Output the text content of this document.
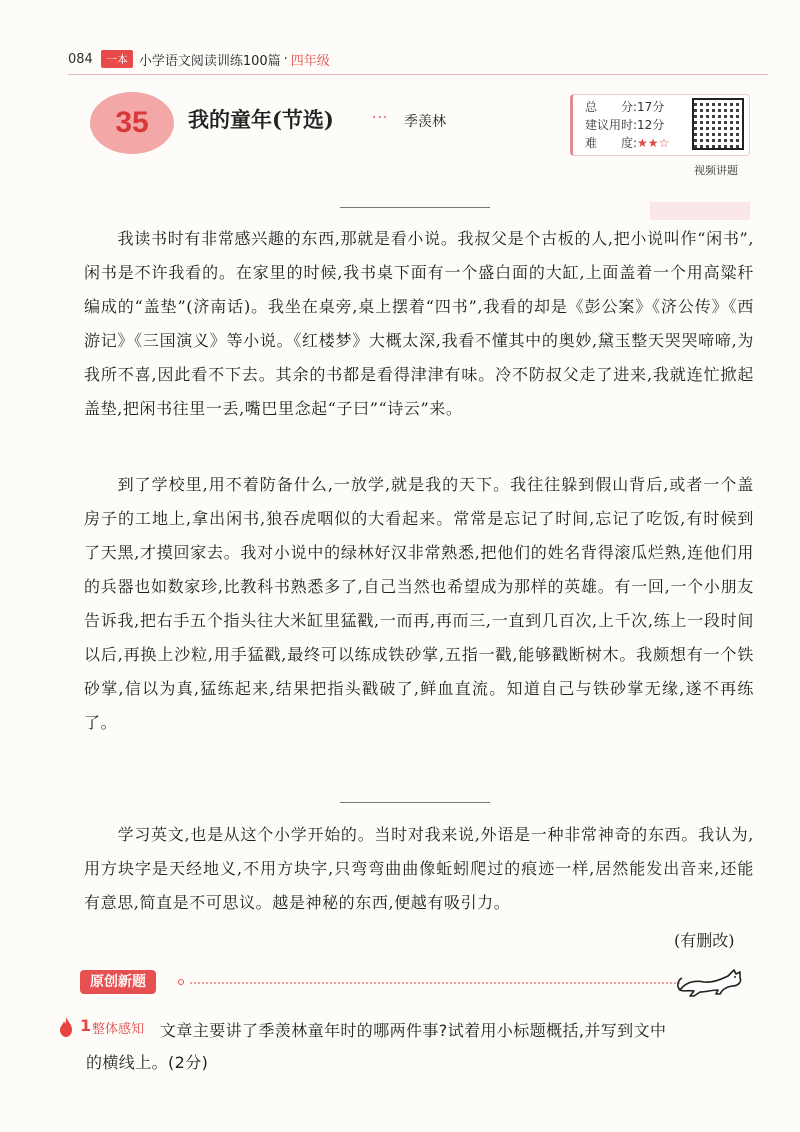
084	一本 小学语文阅读训练100篇 · 四年级
35 我的童年(节选)	··· 季羡林
总　　分:17分
建议用时:12分
难　　度:★★☆
视频讲题

我读书时有非常感兴趣的东西,那就是看小说。我叔父是个古板的人,把小说叫作“闲书”,闲书是不许我看的。在家里的时候,我书桌下面有一个盛白面的大缸,上面盖着一个用高粱秆编成的“盖垫”(济南话)。我坐在桌旁,桌上摆着“四书”,我看的却是《彭公案》《济公传》《西游记》《三国演义》等小说。《红楼梦》大概太深,我看不懂其中的奥妙,黛玉整天哭哭啼啼,为我所不喜,因此看不下去。其余的书都是看得津津有味。冷不防叔父走了进来,我就连忙掀起盖垫,把闲书往里一丢,嘴巴里念起“子曰”“诗云”来。

到了学校里,用不着防备什么,一放学,就是我的天下。我往往躲到假山背后,或者一个盖房子的工地上,拿出闲书,狼吞虎咽似的大看起来。常常是忘记了时间,忘记了吃饭,有时候到了天黑,才摸回家去。我对小说中的绿林好汉非常熟悉,把他们的姓名背得滚瓜烂熟,连他们用的兵器也如数家珍,比教科书熟悉多了,自己当然也希望成为那样的英雄。有一回,一个小朋友告诉我,把右手五个指头往大米缸里猛戳,一而再,再而三,一直到几百次,上千次,练上一段时间以后,再换上沙粒,用手猛戳,最终可以练成铁砂掌,五指一戳,能够戳断树木。我颇想有一个铁砂掌,信以为真,猛练起来,结果把指头戳破了,鲜血直流。知道自己与铁砂掌无缘,遂不再练了。

学习英文,也是从这个小学开始的。当时对我来说,外语是一种非常神奇的东西。我认为,用方块字是天经地义,不用方块字,只弯弯曲曲像蚯蚓爬过的痕迹一样,居然能发出音来,还能有意思,简直是不可思议。越是神秘的东西,便越有吸引力。

(有删改)
原创新题
1 整体感知 文章主要讲了季羡林童年时的哪两件事?试着用小标题概括,并写到文中
的横线上。(2分)
